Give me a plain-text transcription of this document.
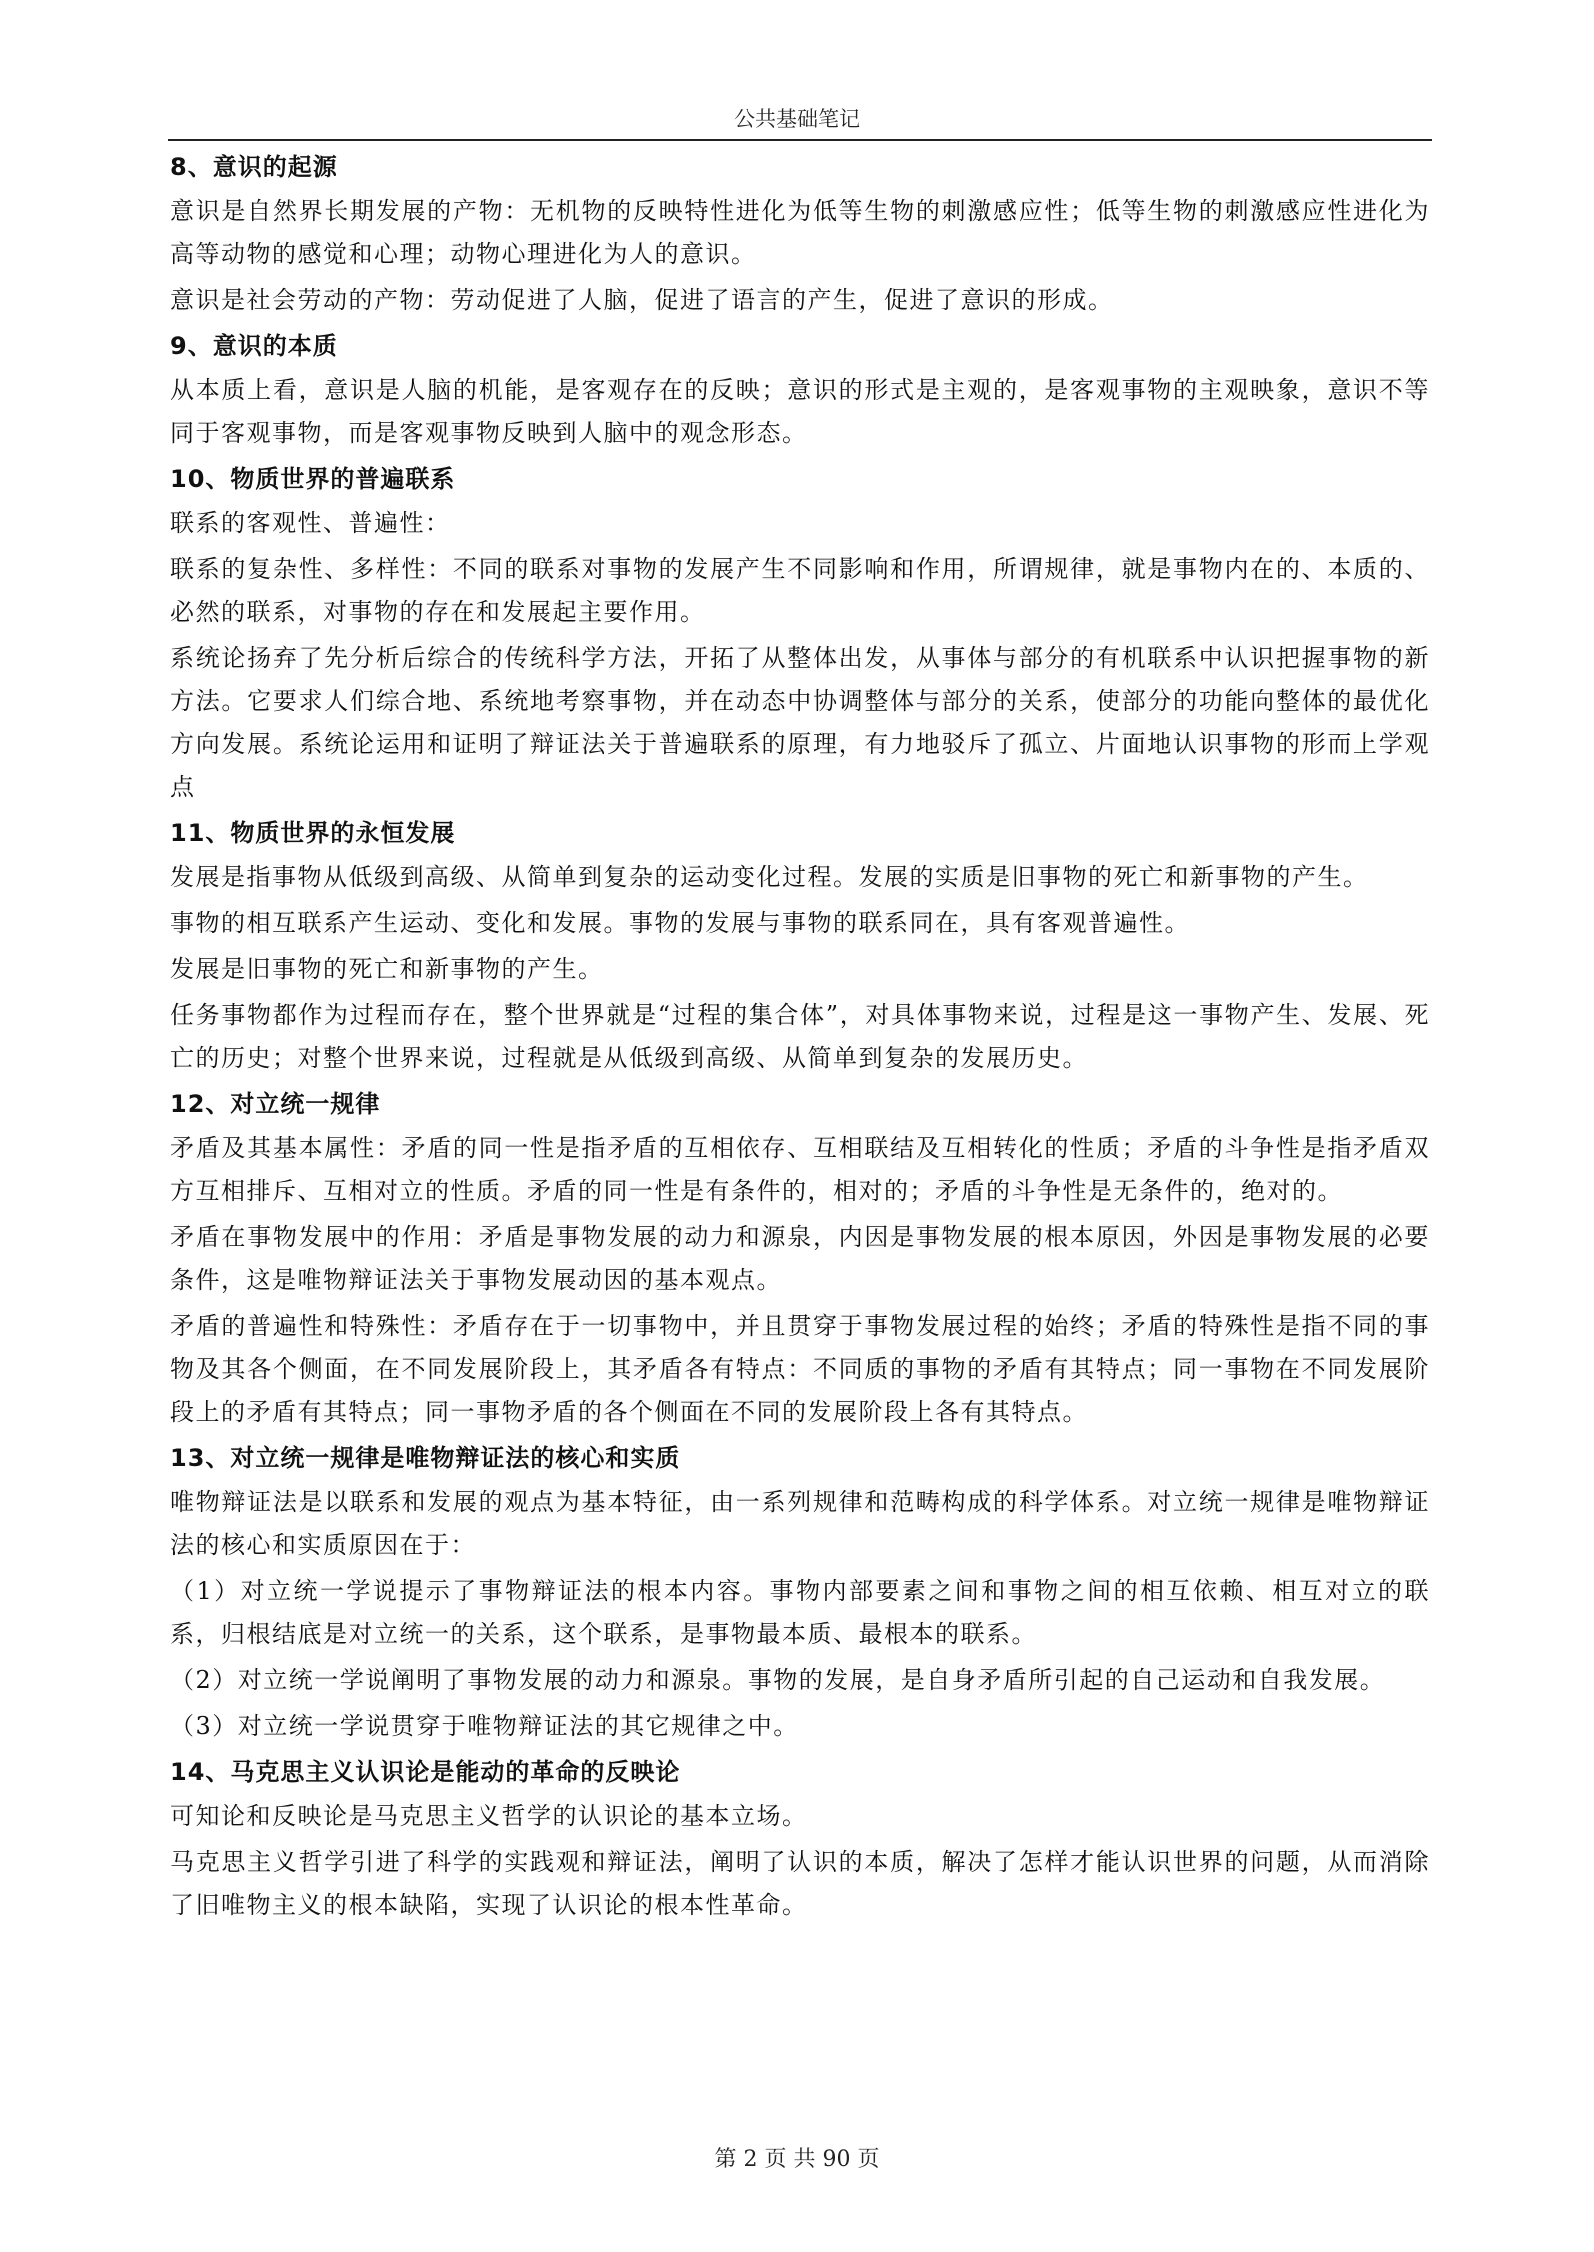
公共基础笔记
8、意识的起源

意识是自然界长期发展的产物：无机物的反映特性进化为低等生物的刺激感应性；低等生物的刺激感应性进化为高等动物的感觉和心理；动物心理进化为人的意识。

意识是社会劳动的产物：劳动促进了人脑，促进了语言的产生，促进了意识的形成。

9、意识的本质

从本质上看，意识是人脑的机能，是客观存在的反映；意识的形式是主观的，是客观事物的主观映象，意识不等同于客观事物，而是客观事物反映到人脑中的观念形态。

10、物质世界的普遍联系

联系的客观性、普遍性：

联系的复杂性、多样性：不同的联系对事物的发展产生不同影响和作用，所谓规律，就是事物内在的、本质的、必然的联系，对事物的存在和发展起主要作用。

系统论扬弃了先分析后综合的传统科学方法，开拓了从整体出发，从事体与部分的有机联系中认识把握事物的新方法。它要求人们综合地、系统地考察事物，并在动态中协调整体与部分的关系，使部分的功能向整体的最优化方向发展。系统论运用和证明了辩证法关于普遍联系的原理，有力地驳斥了孤立、片面地认识事物的形而上学观点

11、物质世界的永恒发展

发展是指事物从低级到高级、从简单到复杂的运动变化过程。发展的实质是旧事物的死亡和新事物的产生。

事物的相互联系产生运动、变化和发展。事物的发展与事物的联系同在，具有客观普遍性。

发展是旧事物的死亡和新事物的产生。

任务事物都作为过程而存在，整个世界就是“过程的集合体”，对具体事物来说，过程是这一事物产生、发展、死亡的历史；对整个世界来说，过程就是从低级到高级、从简单到复杂的发展历史。

12、对立统一规律

矛盾及其基本属性：矛盾的同一性是指矛盾的互相依存、互相联结及互相转化的性质；矛盾的斗争性是指矛盾双方互相排斥、互相对立的性质。矛盾的同一性是有条件的，相对的；矛盾的斗争性是无条件的，绝对的。

矛盾在事物发展中的作用：矛盾是事物发展的动力和源泉，内因是事物发展的根本原因，外因是事物发展的必要条件，这是唯物辩证法关于事物发展动因的基本观点。

矛盾的普遍性和特殊性：矛盾存在于一切事物中，并且贯穿于事物发展过程的始终；矛盾的特殊性是指不同的事物及其各个侧面，在不同发展阶段上，其矛盾各有特点：不同质的事物的矛盾有其特点；同一事物在不同发展阶段上的矛盾有其特点；同一事物矛盾的各个侧面在不同的发展阶段上各有其特点。

13、对立统一规律是唯物辩证法的核心和实质

唯物辩证法是以联系和发展的观点为基本特征，由一系列规律和范畴构成的科学体系。对立统一规律是唯物辩证法的核心和实质原因在于：

（1）对立统一学说提示了事物辩证法的根本内容。事物内部要素之间和事物之间的相互依赖、相互对立的联系，归根结底是对立统一的关系，这个联系，是事物最本质、最根本的联系。

（2）对立统一学说阐明了事物发展的动力和源泉。事物的发展，是自身矛盾所引起的自己运动和自我发展。

（3）对立统一学说贯穿于唯物辩证法的其它规律之中。

14、马克思主义认识论是能动的革命的反映论

可知论和反映论是马克思主义哲学的认识论的基本立场。

马克思主义哲学引进了科学的实践观和辩证法，阐明了认识的本质，解决了怎样才能认识世界的问题，从而消除了旧唯物主义的根本缺陷，实现了认识论的根本性革命。

第 2 页 共 90 页
